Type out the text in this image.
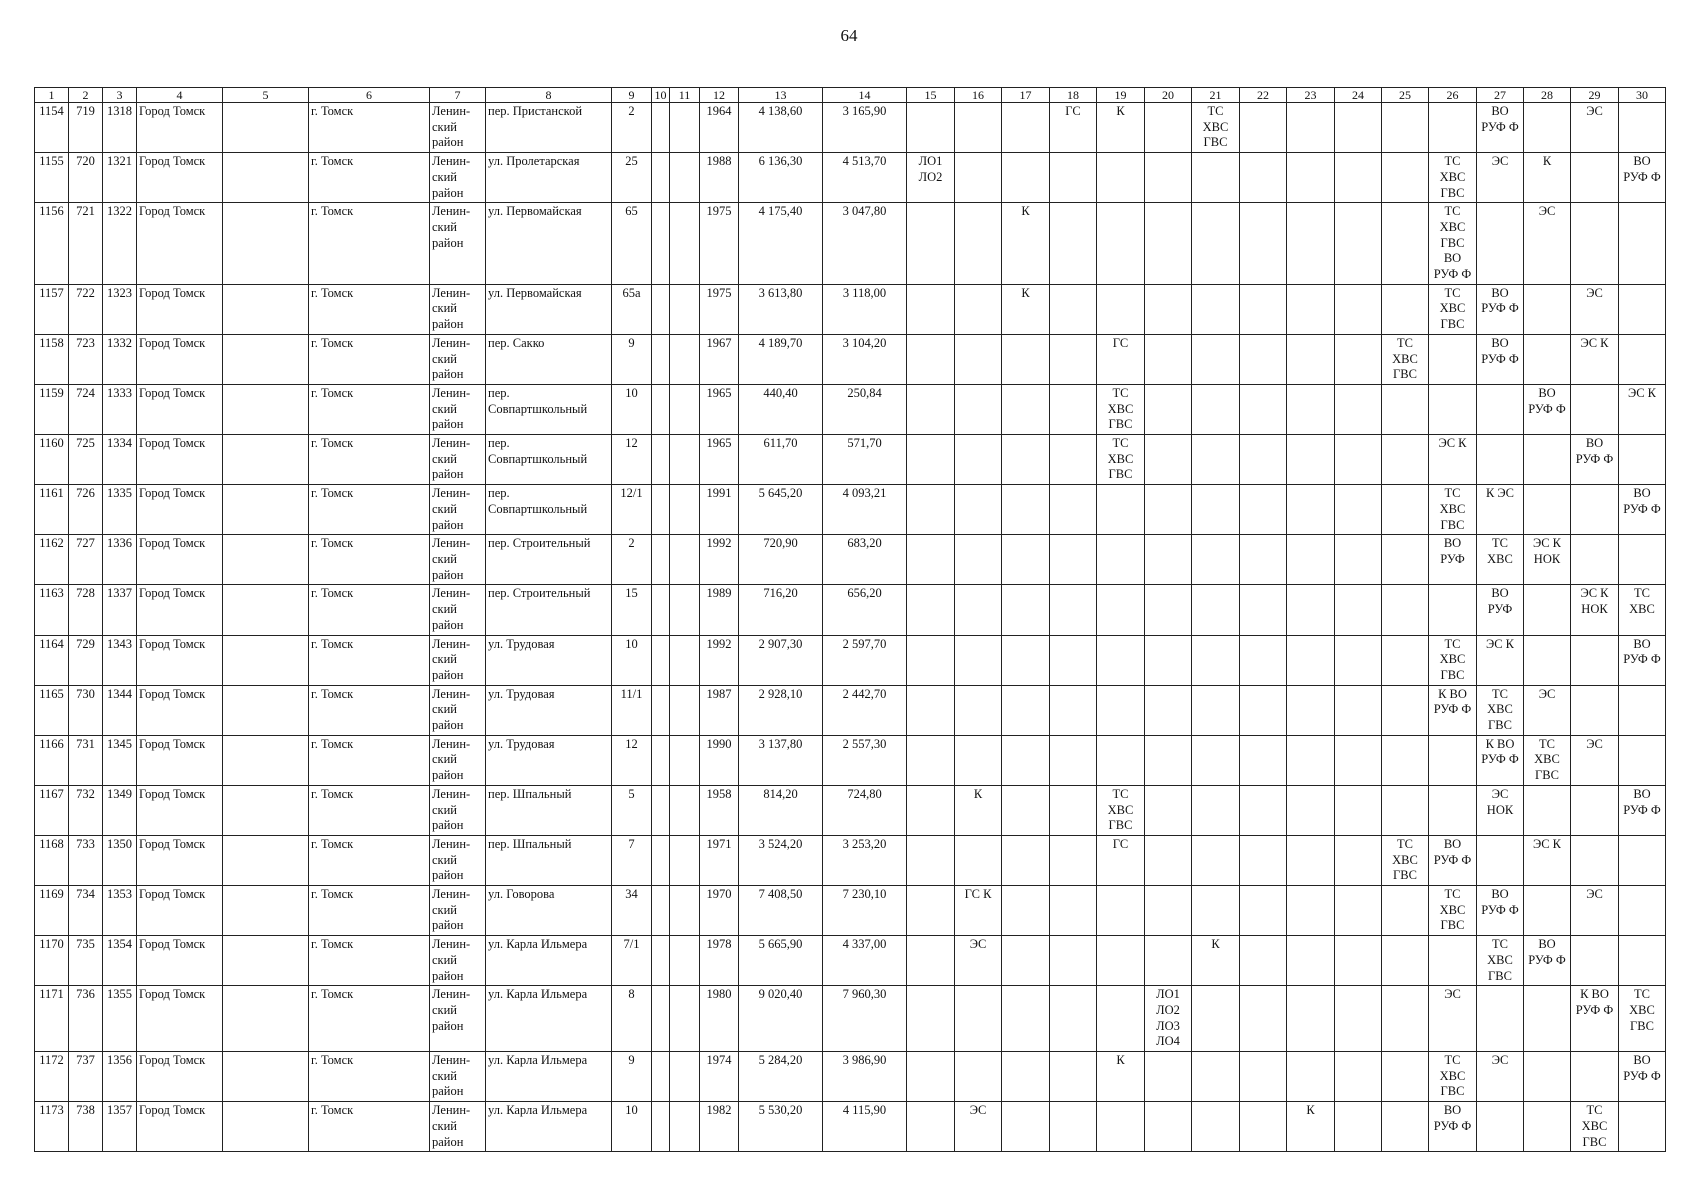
64
1	2	3	4	5	6	7	8	9	10	11	12	13	14	15	16	17	18	19	20	21	22	23	24	25	26	27	28	29	30
1154	719	1318	Город Томск		г. Томск	Ленин-
ский
район	пер. Пристанской	2			1964	4 138,60	3 165,90				ГС	К		ТС
ХВС
ГВС						ВО
РУФ Ф		ЭС	
1155	720	1321	Город Томск		г. Томск	Ленин-
ский
район	ул. Пролетарская	25			1988	6 136,30	4 513,70	ЛО1
ЛО2											ТС
ХВС
ГВС	ЭС	К		ВО
РУФ Ф
1156	721	1322	Город Томск		г. Томск	Ленин-
ский
район	ул. Первомайская	65			1975	4 175,40	3 047,80			К									ТС
ХВС
ГВС
ВО
РУФ Ф		ЭС		
1157	722	1323	Город Томск		г. Томск	Ленин-
ский
район	ул. Первомайская	65а			1975	3 613,80	3 118,00			К									ТС
ХВС
ГВС	ВО
РУФ Ф		ЭС	
1158	723	1332	Город Томск		г. Томск	Ленин-
ский
район	пер. Сакко	9			1967	4 189,70	3 104,20					ГС						ТС
ХВС
ГВС		ВО
РУФ Ф		ЭС К	
1159	724	1333	Город Томск		г. Томск	Ленин-
ский
район	пер.
Совпартшкольный	10			1965	440,40	250,84					ТС
ХВС
ГВС									ВО
РУФ Ф		ЭС К
1160	725	1334	Город Томск		г. Томск	Ленин-
ский
район	пер.
Совпартшкольный	12			1965	611,70	571,70					ТС
ХВС
ГВС							ЭС К			ВО
РУФ Ф	
1161	726	1335	Город Томск		г. Томск	Ленин-
ский
район	пер.
Совпартшкольный	12/1			1991	5 645,20	4 093,21												ТС
ХВС
ГВС	К ЭС			ВО
РУФ Ф
1162	727	1336	Город Томск		г. Томск	Ленин-
ский
район	пер. Строительный	2			1992	720,90	683,20												ВО
РУФ	ТС
ХВС	ЭС К
НОК		
1163	728	1337	Город Томск		г. Томск	Ленин-
ский
район	пер. Строительный	15			1989	716,20	656,20													ВО
РУФ		ЭС К
НОК	ТС
ХВС
1164	729	1343	Город Томск		г. Томск	Ленин-
ский
район	ул. Трудовая	10			1992	2 907,30	2 597,70												ТС
ХВС
ГВС	ЭС К			ВО
РУФ Ф
1165	730	1344	Город Томск		г. Томск	Ленин-
ский
район	ул. Трудовая	11/1			1987	2 928,10	2 442,70												К ВО
РУФ Ф	ТС
ХВС
ГВС	ЭС		
1166	731	1345	Город Томск		г. Томск	Ленин-
ский
район	ул. Трудовая	12			1990	3 137,80	2 557,30													К ВО
РУФ Ф	ТС
ХВС
ГВС	ЭС	
1167	732	1349	Город Томск		г. Томск	Ленин-
ский
район	пер. Шпальный	5			1958	814,20	724,80		К			ТС
ХВС
ГВС								ЭС
НОК			ВО
РУФ Ф
1168	733	1350	Город Томск		г. Томск	Ленин-
ский
район	пер. Шпальный	7			1971	3 524,20	3 253,20					ГС						ТС
ХВС
ГВС	ВО
РУФ Ф		ЭС К		
1169	734	1353	Город Томск		г. Томск	Ленин-
ский
район	ул. Говорова	34			1970	7 408,50	7 230,10		ГС К										ТС
ХВС
ГВС	ВО
РУФ Ф		ЭС	
1170	735	1354	Город Томск		г. Томск	Ленин-
ский
район	ул. Карла Ильмера	7/1			1978	5 665,90	4 337,00		ЭС					К						ТС
ХВС
ГВС	ВО
РУФ Ф		
1171	736	1355	Город Томск		г. Томск	Ленин-
ский
район	ул. Карла Ильмера	8			1980	9 020,40	7 960,30						ЛО1
ЛО2
ЛО3
ЛО4						ЭС			К ВО
РУФ Ф	ТС
ХВС
ГВС
1172	737	1356	Город Томск		г. Томск	Ленин-
ский
район	ул. Карла Ильмера	9			1974	5 284,20	3 986,90					К							ТС
ХВС
ГВС	ЭС			ВО
РУФ Ф
1173	738	1357	Город Томск		г. Томск	Ленин-
ский
район	ул. Карла Ильмера	10			1982	5 530,20	4 115,90		ЭС							К			ВО
РУФ Ф			ТС
ХВС
ГВС	
